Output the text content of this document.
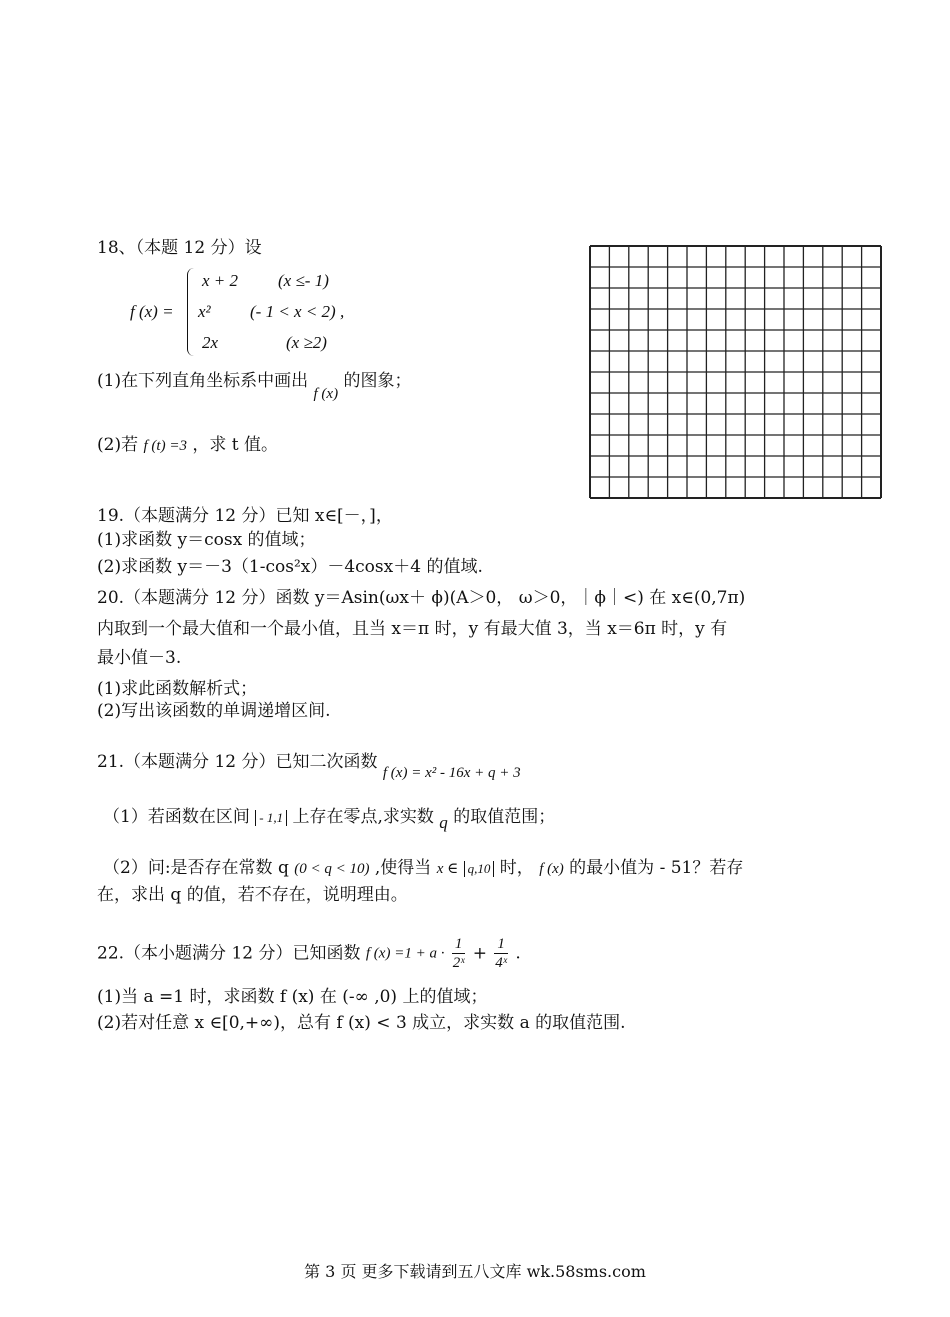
18、（本题 12 分）设
f (x) =
x + 2 (x ≤- 1)
x² (- 1 < x < 2) ,
2x	(x ≥2)
(1)在下列直角坐标系中画出 f (x) 的图象；
(2)若 f (t) =3 ，求 t 值。
19.（本题满分 12 分）已知 x∈[－，]，
(1)求函数 y＝cosx 的值域；
(2)求函数 y＝－3（1-cos²x）－4cosx＋4 的值域.
20.（本题满分 12 分）函数 y＝Asin(ωx＋ ϕ)(A＞0， ω＞0，｜ϕ｜<) 在 x∈(0,7π)
内取到一个最大值和一个最小值，且当 x＝π 时，y 有最大值 3，当 x＝6π 时，y 有
最小值－3.
(1)求此函数解析式；
(2)写出该函数的单调递增区间.
21.（本题满分 12 分）已知二次函数 f (x) = x² - 16x + q + 3
（1）若函数在区间 - 1,1 上存在零点,求实数 q 的取值范围；
（2）问:是否存在常数 q (0 < q < 10) ,使得当 x ∈ q,10 时， f (x) 的最小值为 - 51？若存
在，求出 q 的值，若不存在，说明理由。
22.（本小题满分 12 分）已知函数 f $(x) =1 + a \cdot \frac{1}{\text{2ˣ}} + \frac{1}{\text{4ˣ}}$ .
(1)当 a =1 时，求函数 f (x) 在 (-∞ ,0) 上的值域；
(2)若对任意 x ∈[0,+∞)，总有 f (x) < 3 成立，求实数 a 的取值范围.
第 3 页 更多下载请到五八文库 wk.58sms.com
